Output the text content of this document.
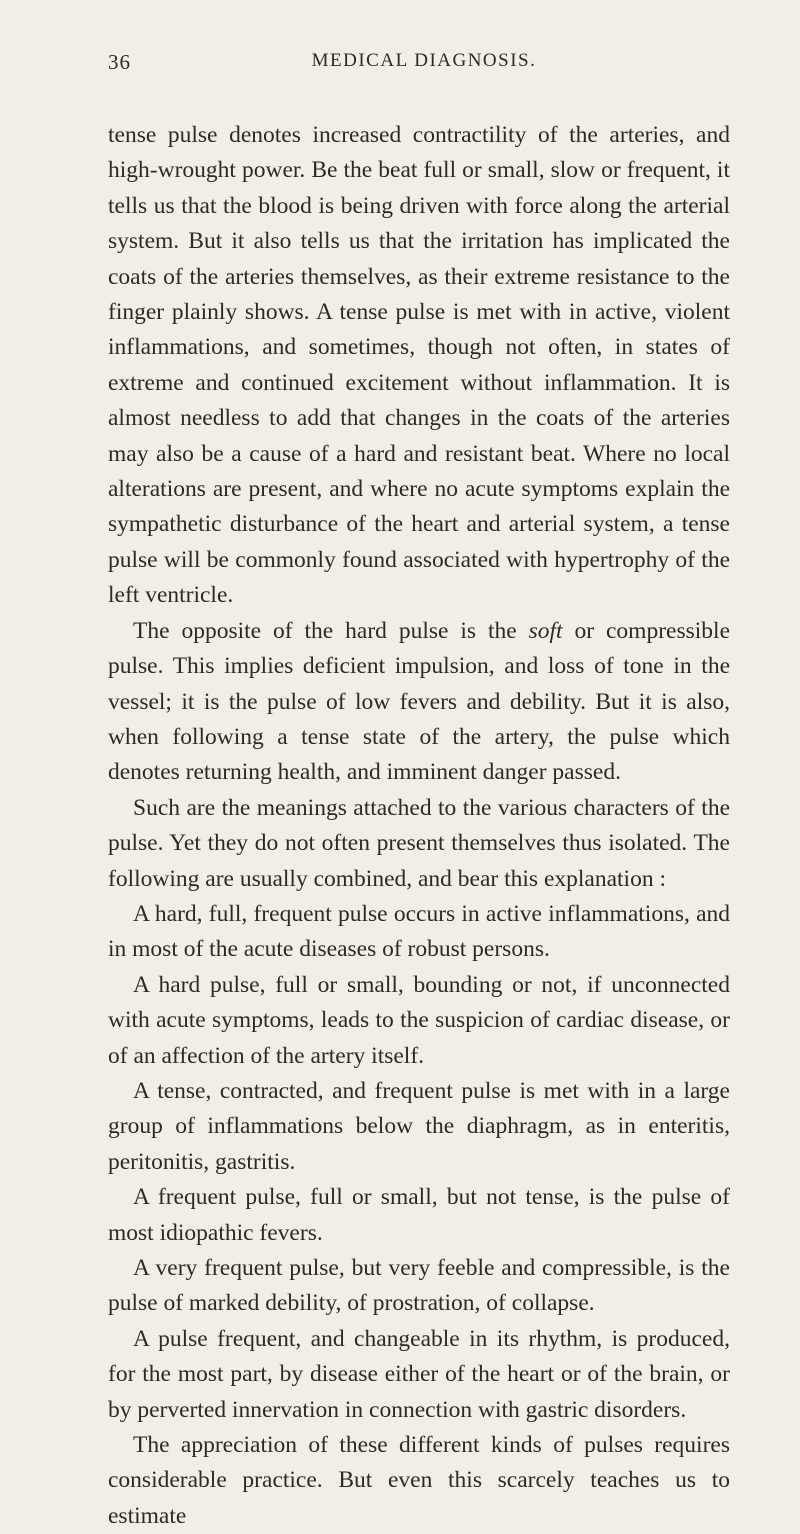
36	MEDICAL DIAGNOSIS.

tense pulse denotes increased contractility of the arteries, and high-wrought power. Be the beat full or small, slow or frequent, it tells us that the blood is being driven with force along the arterial system. But it also tells us that the irritation has implicated the coats of the arteries themselves, as their extreme resistance to the finger plainly shows. A tense pulse is met with in active, violent inflammations, and sometimes, though not often, in states of extreme and continued excitement without inflammation. It is almost needless to add that changes in the coats of the arteries may also be a cause of a hard and resistant beat. Where no local alterations are present, and where no acute symptoms explain the sympathetic disturbance of the heart and arterial system, a tense pulse will be commonly found associated with hypertrophy of the left ventricle.

The opposite of the hard pulse is the soft or compressible pulse. This implies deficient impulsion, and loss of tone in the vessel; it is the pulse of low fevers and debility. But it is also, when following a tense state of the artery, the pulse which denotes returning health, and imminent danger passed.

Such are the meanings attached to the various characters of the pulse. Yet they do not often present themselves thus isolated. The following are usually combined, and bear this explanation :

A hard, full, frequent pulse occurs in active inflammations, and in most of the acute diseases of robust persons.

A hard pulse, full or small, bounding or not, if unconnected with acute symptoms, leads to the suspicion of cardiac disease, or of an affection of the artery itself.

A tense, contracted, and frequent pulse is met with in a large group of inflammations below the diaphragm, as in enteritis, peritonitis, gastritis.

A frequent pulse, full or small, but not tense, is the pulse of most idiopathic fevers.

A very frequent pulse, but very feeble and compressible, is the pulse of marked debility, of prostration, of collapse.

A pulse frequent, and changeable in its rhythm, is produced, for the most part, by disease either of the heart or of the brain, or by perverted innervation in connection with gastric disorders.

The appreciation of these different kinds of pulses requires considerable practice. But even this scarcely teaches us to estimate
